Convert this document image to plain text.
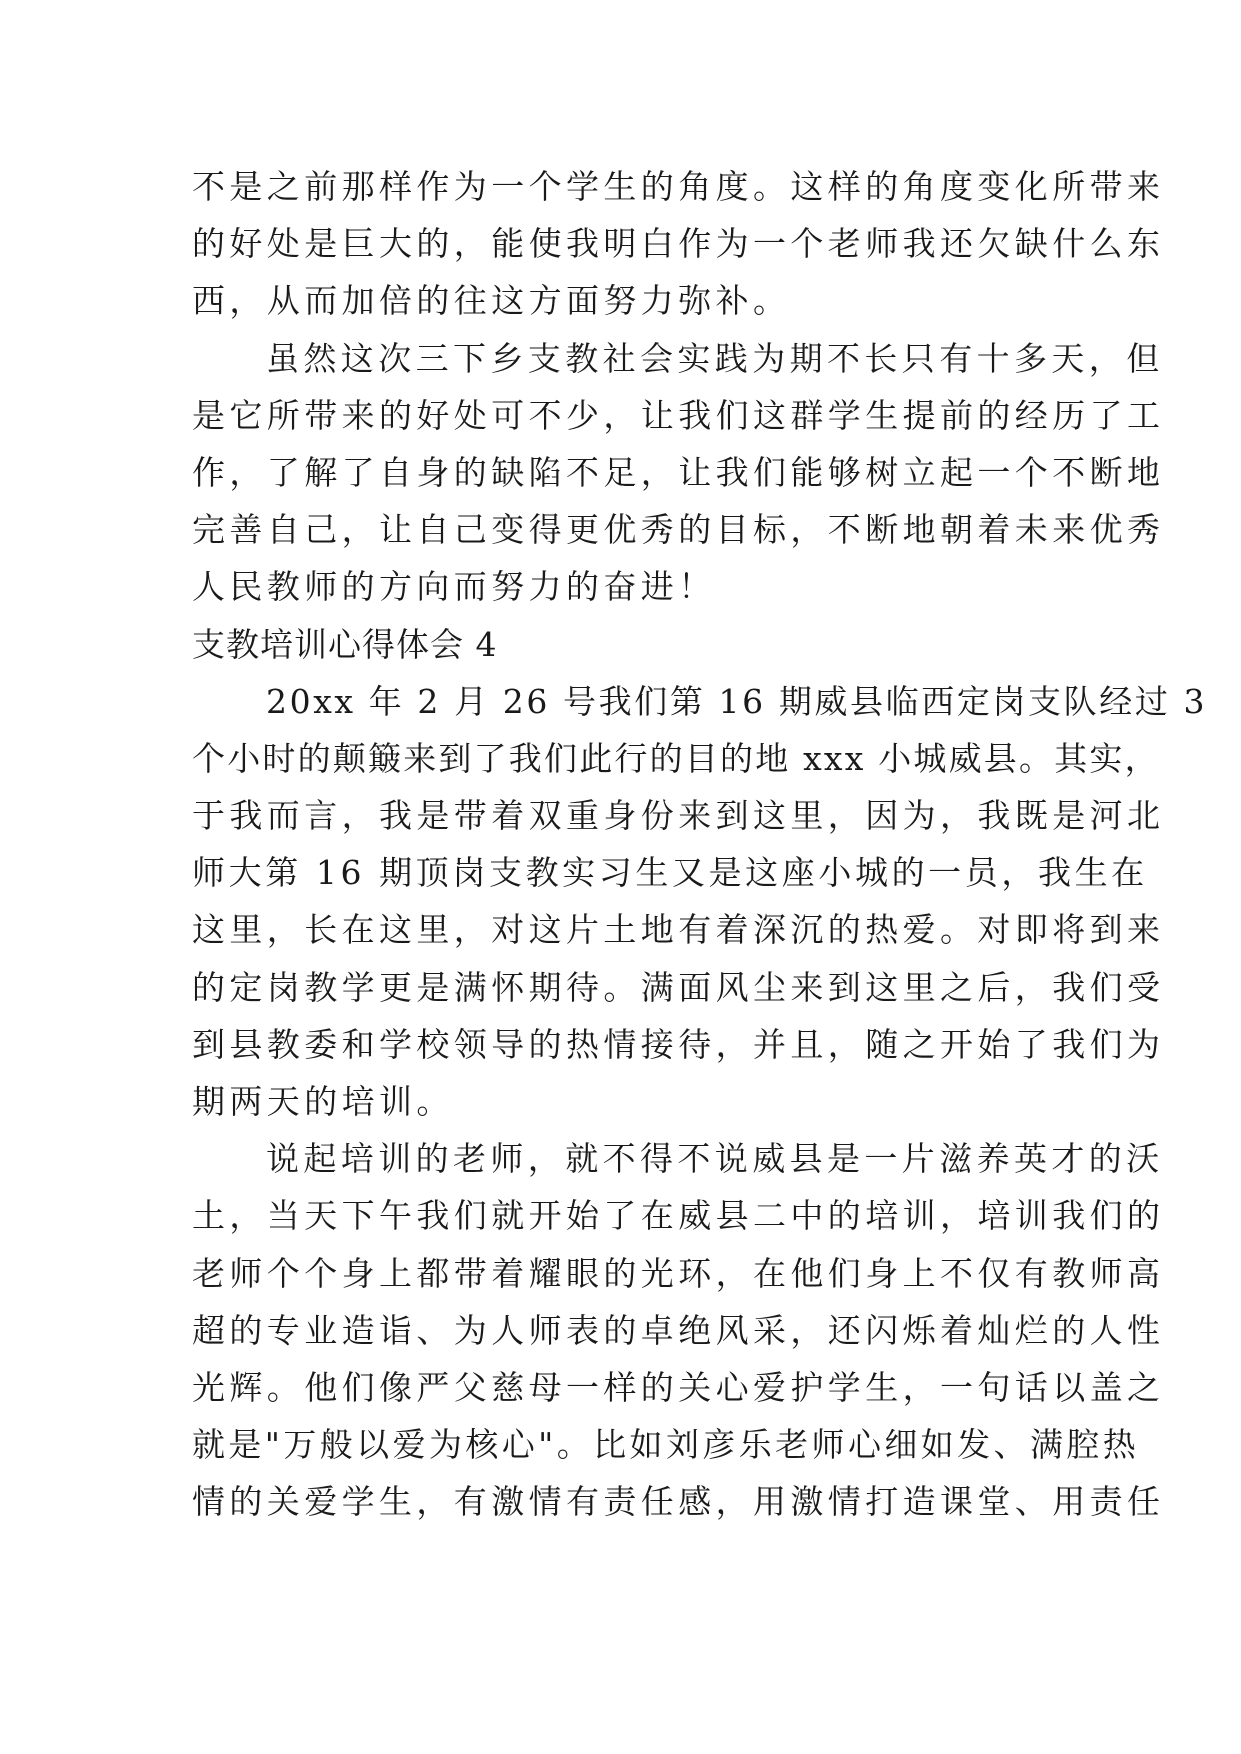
不是之前那样作为一个学生的角度。这样的角度变化所带来
的好处是巨大的，能使我明白作为一个老师我还欠缺什么东
西，从而加倍的往这方面努力弥补。
虽然这次三下乡支教社会实践为期不长只有十多天，但
是它所带来的好处可不少，让我们这群学生提前的经历了工
作，了解了自身的缺陷不足，让我们能够树立起一个不断地
完善自己，让自己变得更优秀的目标，不断地朝着未来优秀
人民教师的方向而努力的奋进！
支教培训心得体会 4
20xx 年 2 月 26 号我们第 16 期威县临西定岗支队经过 3
个小时的颠簸来到了我们此行的目的地 xxx 小城威县。其实，
于我而言，我是带着双重身份来到这里，因为，我既是河北
师大第 16 期顶岗支教实习生又是这座小城的一员，我生在
这里，长在这里，对这片土地有着深沉的热爱。对即将到来
的定岗教学更是满怀期待。满面风尘来到这里之后，我们受
到县教委和学校领导的热情接待，并且，随之开始了我们为
期两天的培训。
说起培训的老师，就不得不说威县是一片滋养英才的沃
土，当天下午我们就开始了在威县二中的培训，培训我们的
老师个个身上都带着耀眼的光环，在他们身上不仅有教师高
超的专业造诣、为人师表的卓绝风采，还闪烁着灿烂的人性
光辉。他们像严父慈母一样的关心爱护学生，一句话以盖之
就是"万般以爱为核心"。比如刘彦乐老师心细如发、满腔热
情的关爱学生，有激情有责任感，用激情打造课堂、用责任
